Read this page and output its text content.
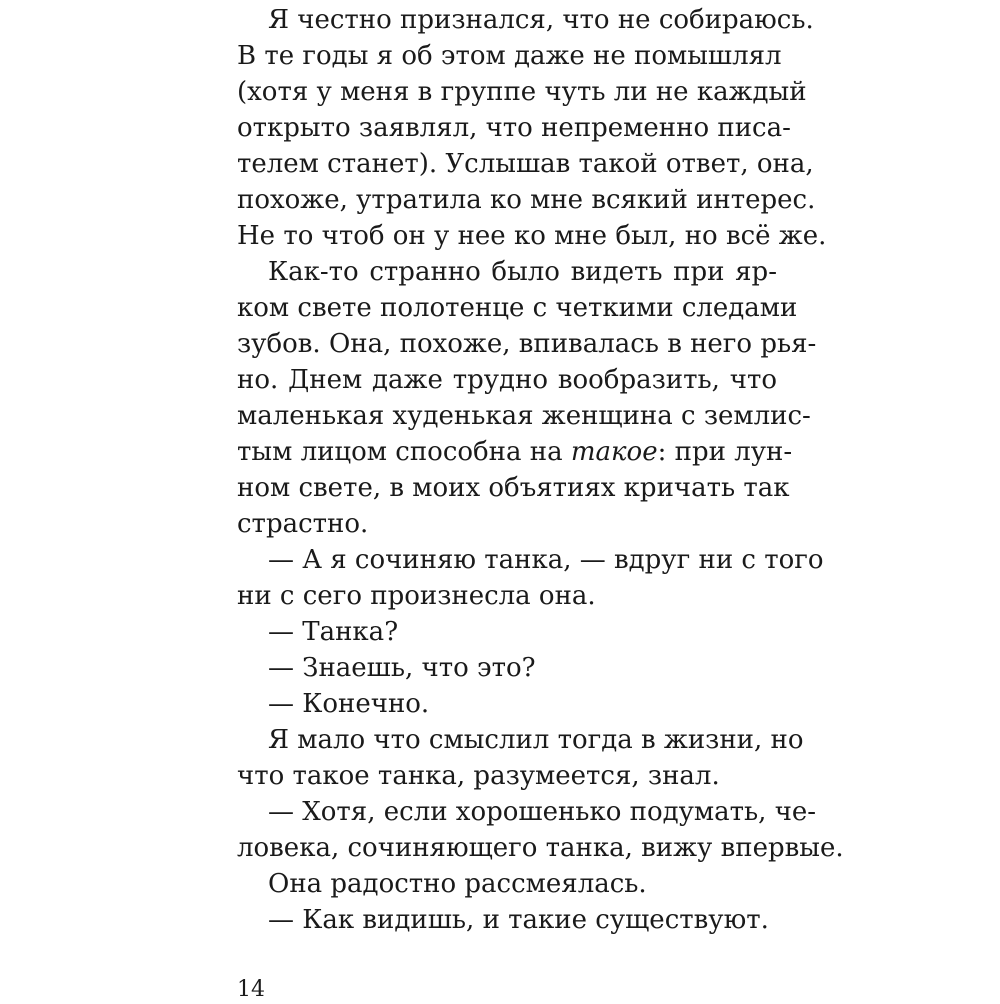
Я честно признался, что не собираюсь.
В те годы я об этом даже не помышлял
(хотя у меня в группе чуть ли не каждый
открыто заявлял, что непременно писа-
телем станет). Услышав такой ответ, она,
похоже, утратила ко мне всякий интерес.
Не то чтоб он у нее ко мне был, но всё же.
Как-то странно было видеть при яр-
ком свете полотенце с четкими следами
зубов. Она, похоже, впивалась в него рья-
но. Днем даже трудно вообразить, что
маленькая худенькая женщина с землис-
тым лицом способна на такое: при лун-
ном свете, в моих объятиях кричать так
страстно.
— А я сочиняю танка, — вдруг ни с того
ни с сего произнесла она.
— Танка?
— Знаешь, что это?
— Конечно.
Я мало что смыслил тогда в жизни, но
что такое танка, разумеется, знал.
— Хотя, если хорошенько подумать, че-
ловека, сочиняющего танка, вижу впервые.
Она радостно рассмеялась.
— Как видишь, и такие существуют.
14
